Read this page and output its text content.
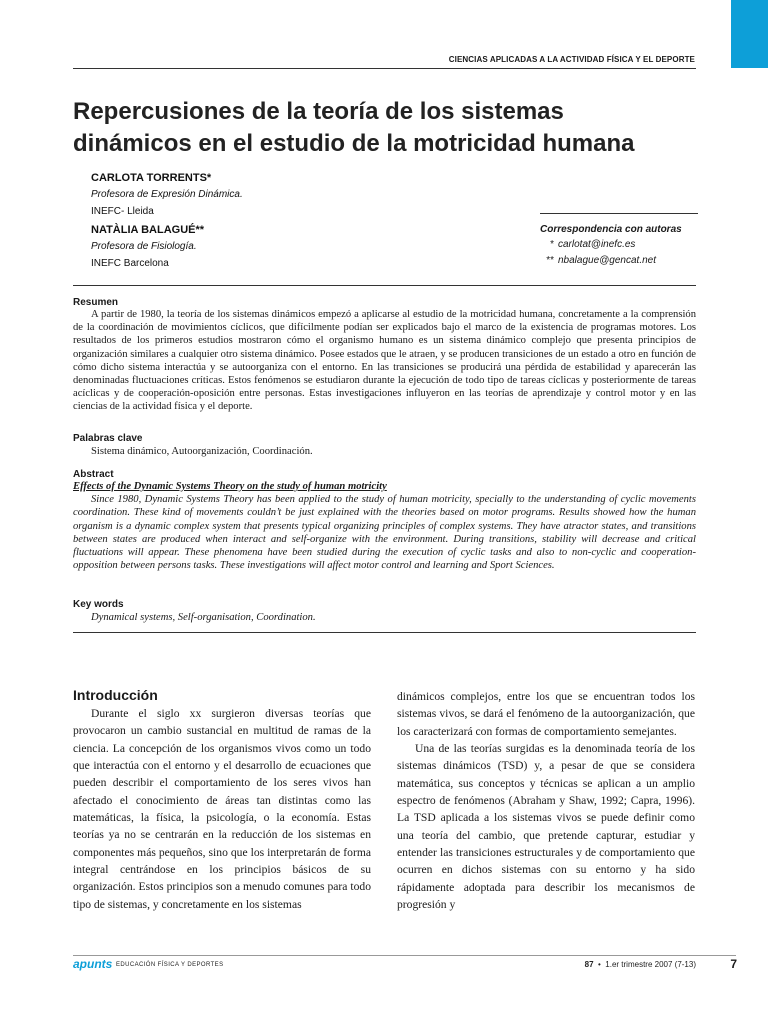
CIENCIAS APLICADAS A LA ACTIVIDAD FÍSICA Y EL DEPORTE
Repercusiones de la teoría de los sistemas
dinámicos en el estudio de la motricidad humana
CARLOTA TORRENTS*
Profesora de Expresión Dinámica.
INEFC- Lleida
NATÀLIA BALAGUÉ**
Profesora de Fisiología.
INEFC Barcelona
Correspondencia con autoras
* carlotat@inefc.es
** nbalague@gencat.net
Resumen

A partir de 1980, la teoría de los sistemas dinámicos empezó a aplicarse al estudio de la motricidad humana, concretamente a la comprensión de la coordinación de movimientos cíclicos, que difícilmente podían ser explicados bajo el marco de la existencia de programas motores. Los resultados de los primeros estudios mostraron cómo el organismo humano es un sistema dinámico complejo que presenta principios de organización similares a cualquier otro sistema dinámico. Posee estados que le atraen, y se producen transiciones de un estado a otro en función de cómo dicho sistema interactúa y se autoorganiza con el entorno. En las transiciones se producirá una pérdida de estabilidad y aparecerán las denominadas fluctuaciones críticas. Estos fenómenos se estudiaron durante la ejecución de todo tipo de tareas cíclicas y posteriormente de tareas acíclicas y de cooperación-oposición entre personas. Estas investigaciones influyeron en las teorías de aprendizaje y control motor y en las ciencias de la actividad física y el deporte.

Palabras clave
Sistema dinámico, Autoorganización, Coordinación.
Abstract

Effects of the Dynamic Systems Theory on the study of human motricity

Since 1980, Dynamic Systems Theory has been applied to the study of human motricity, specially to the understanding of cyclic movements coordination. These kind of movements couldn’t be just explained with the theories based on motor programs. Results showed how the human organism is a dynamic complex system that presents typical organizing principles of complex systems. They have atractor states, and transitions between states are produced when interact and self-organize with the environment. During transitions, stability will decrease and critical fluctuations will appear. These phenomena have been studied during the execution of cyclic tasks and also to non-cyclic and cooperation-opposition between persons tasks. These investigations will affect motor control and learning and Sport Sciences.

Key words
Dynamical systems, Self-organisation, Coordination.
Introducción

Durante el siglo xx surgieron diversas teorías que provocaron un cambio sustancial en multitud de ramas de la ciencia. La concepción de los organismos vivos como un todo que interactúa con el entorno y el desarrollo de ecuaciones que pueden describir el comportamiento de los seres vivos han afectado el conocimiento de áreas tan distintas como las matemáticas, la física, la psicología, o la economía. Estas teorías ya no se centrarán en la reducción de los sistemas en componentes más pequeños, sino que los interpretarán de forma integral centrándose en los principios básicos de su organización. Estos principios son a menudo comunes para todo tipo de sistemas, y concretamente en los sistemas

dinámicos complejos, entre los que se encuentran todos los sistemas vivos, se dará el fenómeno de la autoorganización, que los caracterizará con formas de comportamiento semejantes.

Una de las teorías surgidas es la denominada teoría de los sistemas dinámicos (TSD) y, a pesar de que se considera matemática, sus conceptos y técnicas se aplican a un amplio espectro de fenómenos (Abraham y Shaw, 1992; Capra, 1996). La TSD aplicada a los sistemas vivos se puede definir como una teoría del cambio, que pretende capturar, estudiar y entender las transiciones estructurales y de comportamiento que ocurren en dichos sistemas con su entorno y ha sido rápidamente adoptada para describir los mecanismos de progresión y

apunts EDUCACIÓN FÍSICA Y DEPORTES	87 • 1.er trimestre 2007 (7-13)	7
